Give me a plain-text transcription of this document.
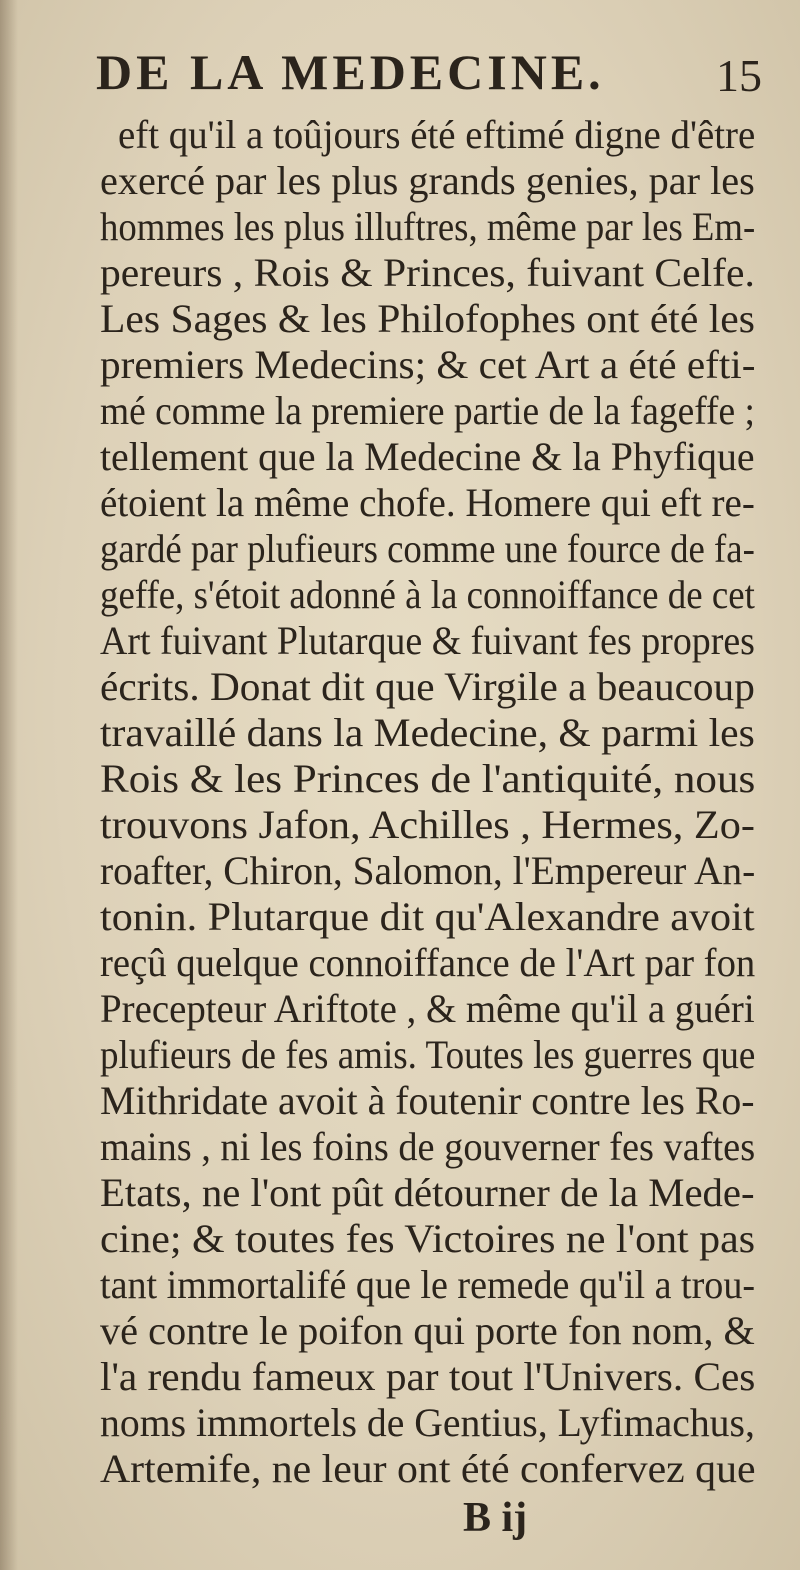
DE LA MEDECINE. 15
eft qu'il a toûjours été eftimé digne d'être
exercé par les plus grands genies, par les
hommes les plus illuftres, même par les Em-
pereurs , Rois & Princes, fuivant Celfe.
Les Sages & les Philofophes ont été les
premiers Medecins; & cet Art a été efti-
mé comme la premiere partie de la fageffe ;
tellement que la Medecine & la Phyfique
étoient la même chofe. Homere qui eft re-
gardé par plufieurs comme une fource de fa-
geffe, s'étoit adonné à la connoiffance de cet
Art fuivant Plutarque & fuivant fes propres
écrits. Donat dit que Virgile a beaucoup
travaillé dans la Medecine, & parmi les
Rois & les Princes de l'antiquité, nous
trouvons Jafon, Achilles , Hermes, Zo-
roafter, Chiron, Salomon, l'Empereur An-
tonin. Plutarque dit qu'Alexandre avoit
reçû quelque connoiffance de l'Art par fon
Precepteur Ariftote , & même qu'il a guéri
plufieurs de fes amis. Toutes les guerres que
Mithridate avoit à foutenir contre les Ro-
mains , ni les foins de gouverner fes vaftes
Etats, ne l'ont pût détourner de la Mede-
cine; & toutes fes Victoires ne l'ont pas
tant immortalifé que le remede qu'il a trou-
vé contre le poifon qui porte fon nom, &
l'a rendu fameux par tout l'Univers. Ces
noms immortels de Gentius, Lyfimachus,
Artemife, ne leur ont été confervez que
B ij
